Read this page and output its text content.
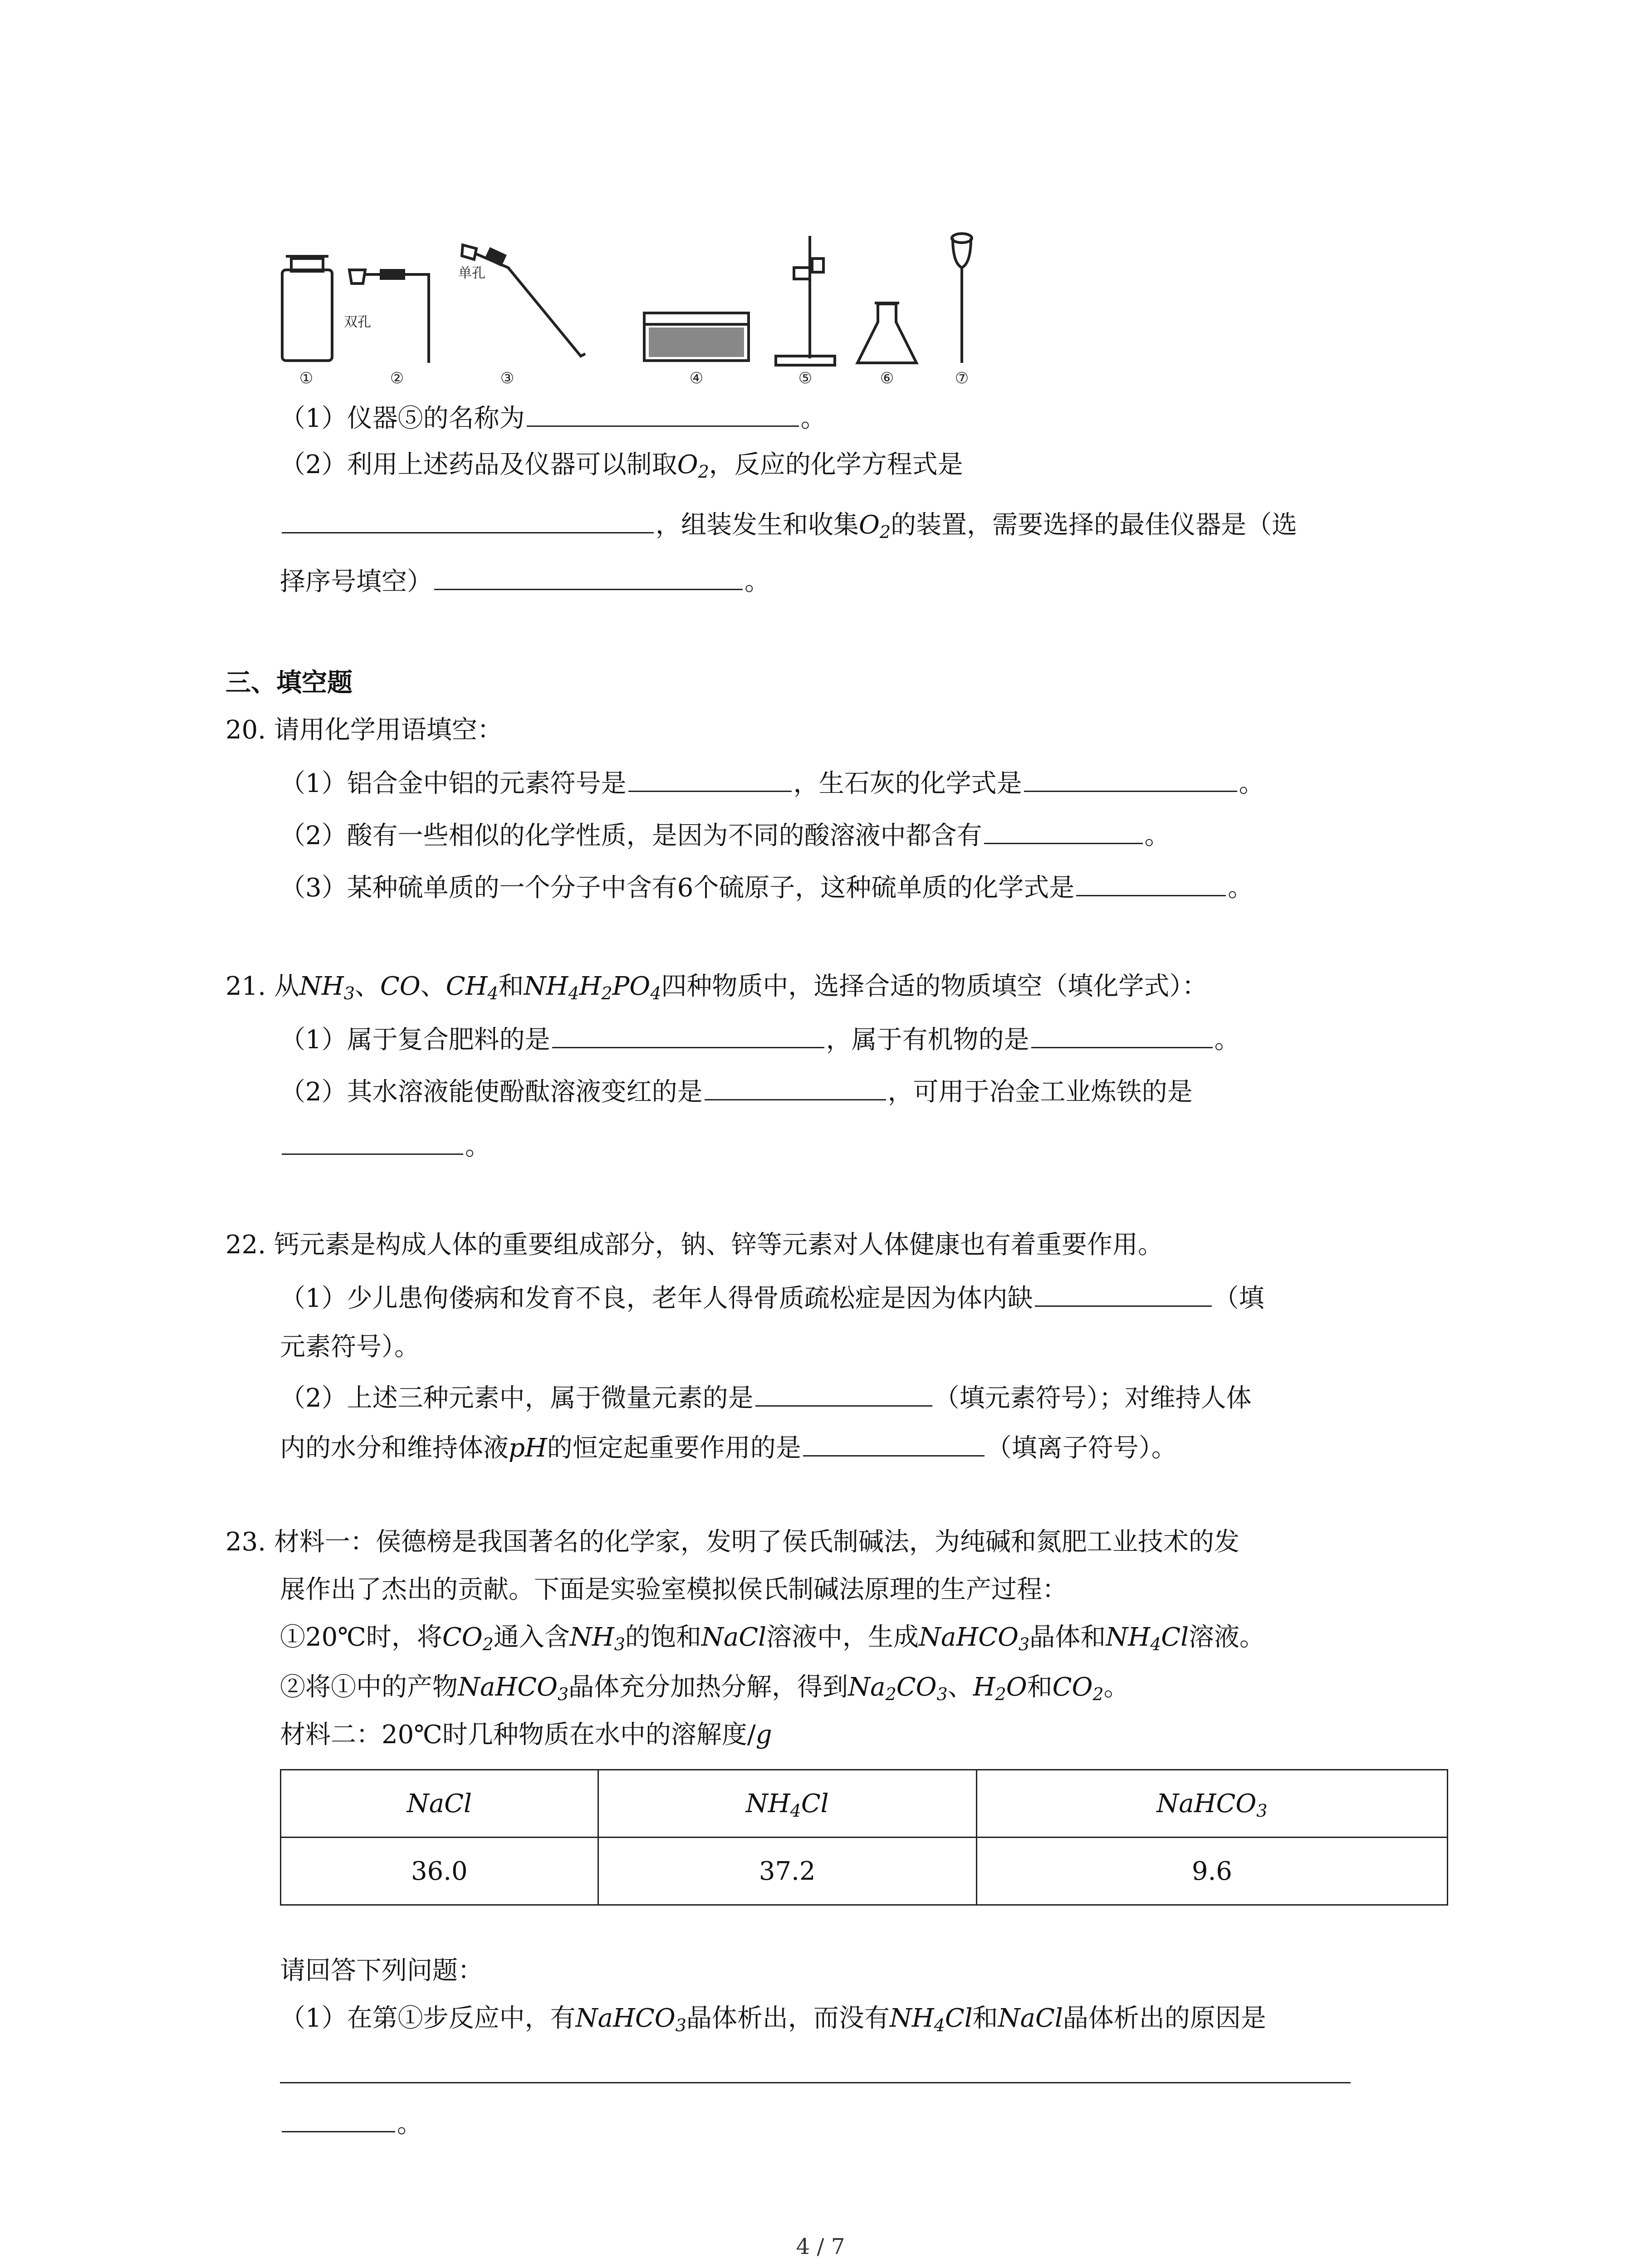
双孔
单孔
①	②	③	④	⑤	⑥	⑦
（1）仪器⑤的名称为	。
（2）利用上述药品及仪器可以制取$O_2$，反应的化学方程式是
，组装发生和收集$O_2$的装置，需要选择的最佳仪器是（选
择序号填空）	。
三、填空题
20. 请用化学用语填空：
（1）铝合金中铝的元素符号是	，生石灰的化学式是	。
（2）酸有一些相似的化学性质，是因为不同的酸溶液中都含有	。
（3）某种硫单质的一个分子中含有6个硫原子，这种硫单质的化学式是	。
21. 从$NH_3$、CO、$CH_4$和$NH_4H_2PO_4$四种物质中，选择合适的物质填空（填化学式）：
（1）属于复合肥料的是	，属于有机物的是	。
（2）其水溶液能使酚酞溶液变红的是	，可用于冶金工业炼铁的是
。
22. 钙元素是构成人体的重要组成部分，钠、锌等元素对人体健康也有着重要作用。
（1）少儿患佝偻病和发育不良，老年人得骨质疏松症是因为体内缺	（填
元素符号）。
（2）上述三种元素中，属于微量元素的是	（填元素符号）；对维持人体
内的水分和维持体液pH的恒定起重要作用的是	（填离子符号）。
23. 材料一：侯德榜是我国著名的化学家，发明了侯氏制碱法，为纯碱和氮肥工业技术的发
展作出了杰出的贡献。下面是实验室模拟侯氏制碱法原理的生产过程：
①20℃时，将$CO_2$通入含$NH_3$的饱和NaCl溶液中，生成NaHCO$_3$晶体和$NH_4Cl$溶液。
②将①中的产物NaHCO$_3$晶体充分加热分解，得到$Na_2CO_3$、$H_2O$和$CO_2$。
材料二：20℃时几种物质在水中的溶解度/g
NaCl	$NH_4Cl$	NaHCO$_3$
36.0	37.2	9.6
请回答下列问题：
（1）在第①步反应中，有NaHCO$_3$晶体析出，而没有$NH_4Cl$和NaCl晶体析出的原因是
。
4 / 7
